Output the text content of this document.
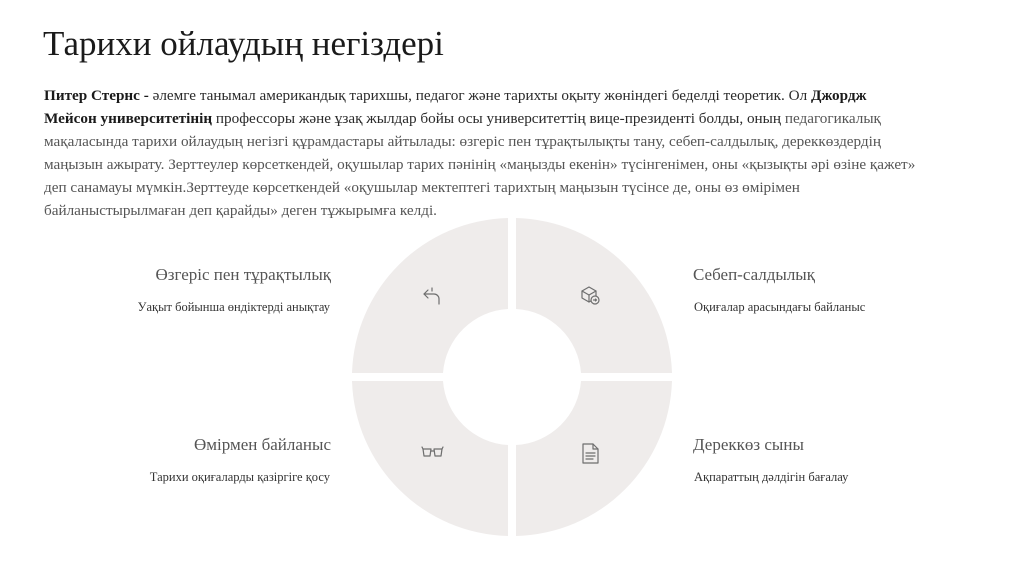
Тарихи ойлаудың негіздері

Питер Стернс - әлемге танымал американдық тарихшы, педагог және тарихты оқыту жөніндегі беделді теоретик. Ол Джордж Мейсон университетінің профессоры және ұзақ жылдар бойы осы университеттің вице-президенті болды, оның педагогикалық мақаласында тарихи ойлаудың негізгі құрамдастары айтылады: өзгеріс пен тұрақтылықты тану, себеп-салдылық, дереккөздердің маңызын ажырату. Зерттеулер көрсеткендей, оқушылар тарих пәнінің «маңызды екенін» түсінгенімен, оны «қызықты әрі өзіне қажет» деп санамауы мүмкін.Зерттеуде көрсеткендей «оқушылар мектептегі тарихтың маңызын түсінсе де, оны өз өмірімен байланыстырылмаған деп қарайды» деген тұжырымға келді.

Өзгеріс пен тұрақтылық
Уақыт бойынша өндіктерді анықтау
Себеп-салдылық
Оқиғалар арасындағы байланыс
Өмірмен байланыс
Тарихи оқиғаларды қазіргіге қосу
Дереккөз сыны
Ақпараттың дәлдігін бағалау
